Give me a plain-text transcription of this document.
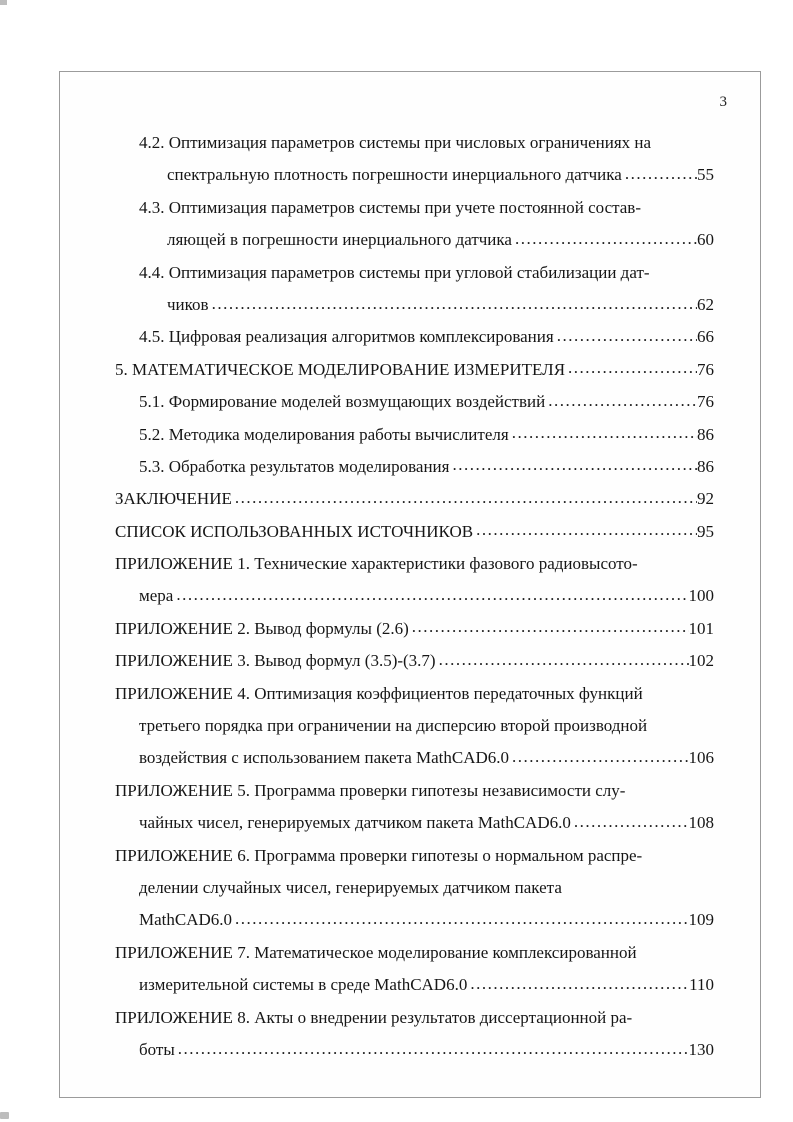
3
4.2. Оптимизация параметров системы при числовых ограничениях на
спектральную плотность погрешности инерциального датчика .....	55
4.3. Оптимизация параметров системы при учете постоянной состав-
ляющей в погрешности инерциального датчика .....	60
4.4. Оптимизация параметров системы при угловой стабилизации дат-
чиков .....	62
4.5. Цифровая реализация алгоритмов комплексирования .....	66
5. МАТЕМАТИЧЕСКОЕ МОДЕЛИРОВАНИЕ ИЗМЕРИТЕЛЯ .....	76
5.1. Формирование моделей возмущающих воздействий .....	76
5.2. Методика моделирования работы вычислителя .....	86
5.3. Обработка результатов моделирования .....	86
ЗАКЛЮЧЕНИЕ .....	92
СПИСОК ИСПОЛЬЗОВАННЫХ ИСТОЧНИКОВ .....	95
ПРИЛОЖЕНИЕ 1. Технические характеристики фазового радиовысото-
мера .....	100
ПРИЛОЖЕНИЕ 2. Вывод формулы (2.6) .....	101
ПРИЛОЖЕНИЕ 3. Вывод формул (3.5)-(3.7) .....	102
ПРИЛОЖЕНИЕ 4. Оптимизация коэффициентов передаточных функций
третьего порядка при ограничении на дисперсию второй производной
воздействия с использованием пакета MathCAD6.0 .....	106
ПРИЛОЖЕНИЕ 5. Программа проверки гипотезы независимости слу-
чайных чисел, генерируемых датчиком пакета MathCAD6.0 .....	108
ПРИЛОЖЕНИЕ 6. Программа проверки гипотезы о нормальном распре-
делении случайных чисел, генерируемых датчиком пакета
MathCAD6.0 .....	109
ПРИЛОЖЕНИЕ 7. Математическое моделирование комплексированной
измерительной системы в среде MathCAD6.0 .....	110
ПРИЛОЖЕНИЕ 8. Акты о внедрении результатов диссертационной ра-
боты .....	130
